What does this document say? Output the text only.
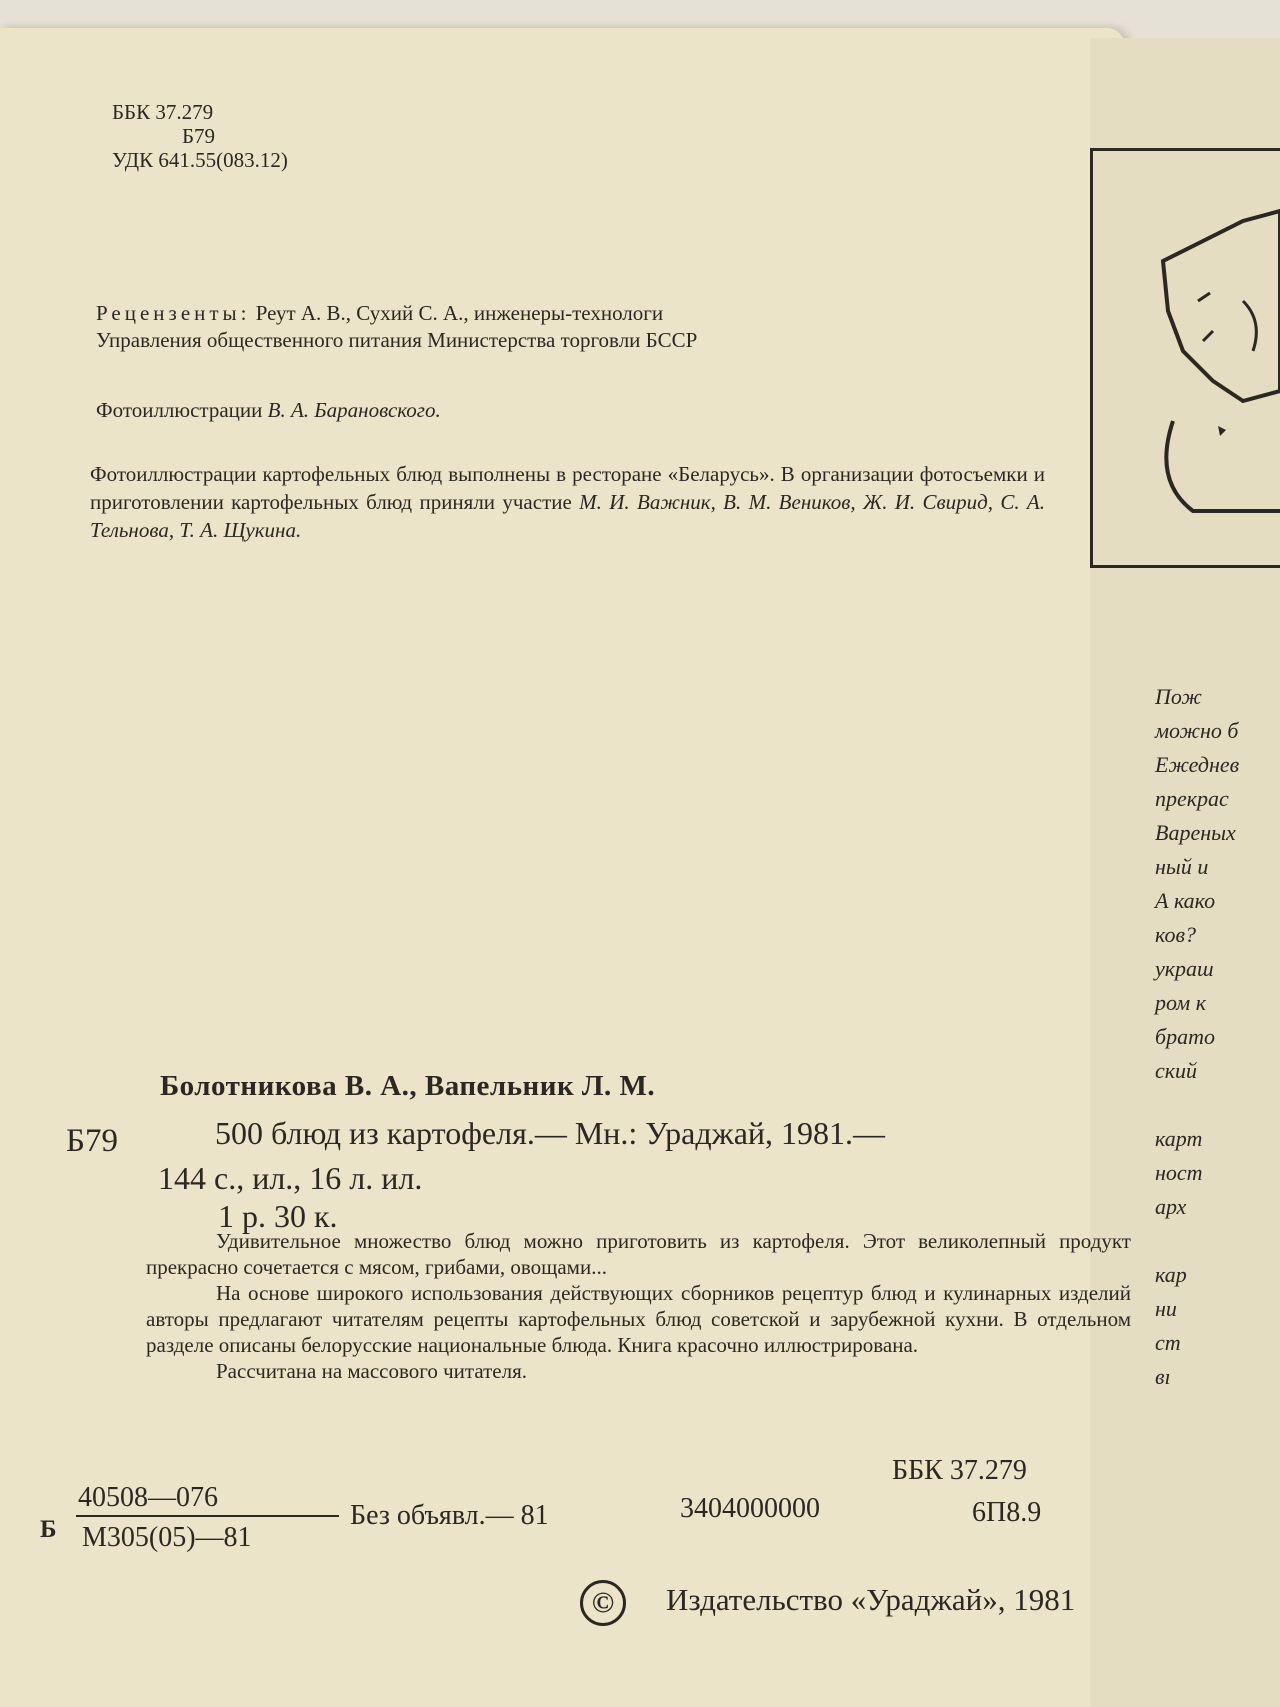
ББК 37.279
Б79
УДК 641.55(083.12)
Рецензенты: Реут А. В., Сухий С. А., инженеры-технологи
Управления общественного питания Министерства торговли БССР
Фотоиллюстрации В. А. Барановского.
Фотоиллюстрации картофельных блюд выполнены в ресторане «Беларусь». В организации фотосъемки и приготовлении картофельных блюд приняли участие М. И. Важник, В. М. Веников, Ж. И. Свирид, С. А. Тельнова, Т. А. Щукина.
Болотникова В. А., Вапельник Л. М.
Б79	500 блюд из картофеля.— Мн.: Ураджай, 1981.—
144 с., ил., 16 л. ил.
1 р. 30 к.

Удивительное множество блюд можно приготовить из картофеля. Этот великолепный продукт прекрасно сочетается с мясом, грибами, овощами...

На основе широкого использования действующих сборников рецептур блюд и кулинарных изделий авторы предлагают читателям рецепты картофельных блюд советской и зарубежной кухни. В отдельном разделе описаны белорусские национальные блюда. Книга красочно иллюстрирована.

Рассчитана на массового читателя.

Б
40508—076
М305(05)—81
Без объявл.— 81	3404000000
ББК 37.279
6П8.9
©	Издательство «Ураджай», 1981
Пож
можно б
Ежеднев
прекрас
Вареных
ный и
А како
ков?
украш
ром к
брато
ский

карт
ност
арх

кар
ни
ст
вı
